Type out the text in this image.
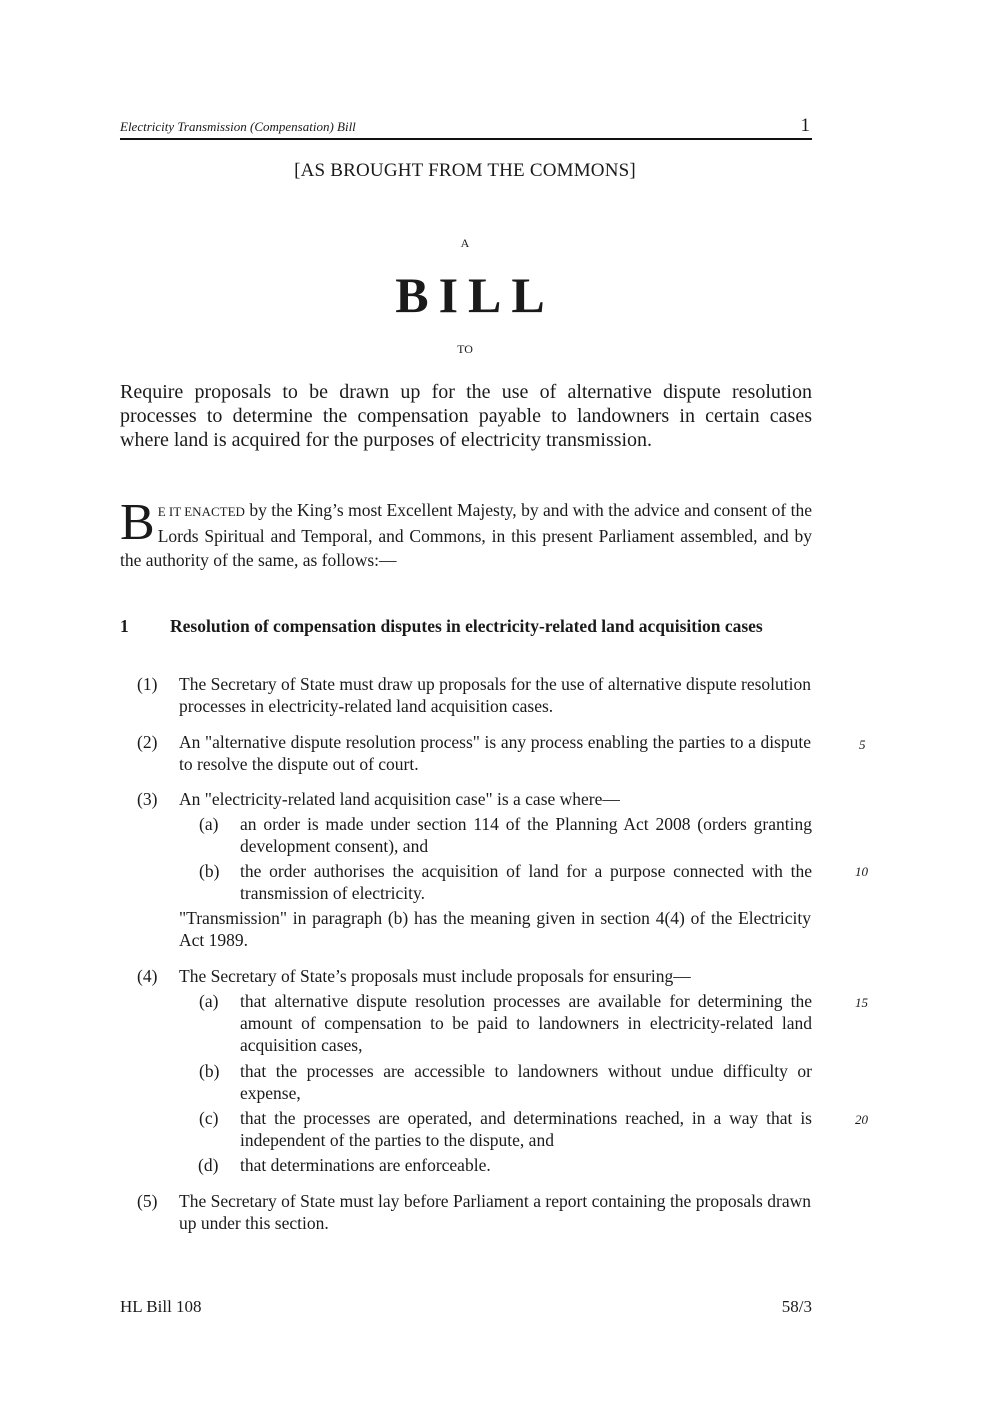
Electricity Transmission (Compensation) Bill	1
[AS BROUGHT FROM THE COMMONS]
A
BILL
TO
Require proposals to be drawn up for the use of alternative dispute resolution processes to determine the compensation payable to landowners in certain cases where land is acquired for the purposes of electricity transmission.
B E IT ENACTED by the King’s most Excellent Majesty, by and with the advice and consent of the Lords Spiritual and Temporal, and Commons, in this present Parliament assembled, and by the authority of the same, as follows:—
1 Resolution of compensation disputes in electricity-related land acquisition cases
(1) The Secretary of State must draw up proposals for the use of alternative dispute resolution processes in electricity-related land acquisition cases.
(2) An "alternative dispute resolution process" is any process enabling the parties to a dispute to resolve the dispute out of court.
(3) An "electricity-related land acquisition case" is a case where—
(a) an order is made under section 114 of the Planning Act 2008 (orders granting development consent), and
(b) the order authorises the acquisition of land for a purpose connected with the transmission of electricity.
"Transmission" in paragraph (b) has the meaning given in section 4(4) of the Electricity Act 1989.
(4) The Secretary of State’s proposals must include proposals for ensuring—
(a) that alternative dispute resolution processes are available for determining the amount of compensation to be paid to landowners in electricity-related land acquisition cases,
(b) that the processes are accessible to landowners without undue difficulty or expense,
(c) that the processes are operated, and determinations reached, in a way that is independent of the parties to the dispute, and
(d) that determinations are enforceable.
(5) The Secretary of State must lay before Parliament a report containing the proposals drawn up under this section.
5
10
15
20
HL Bill 108	58/3
